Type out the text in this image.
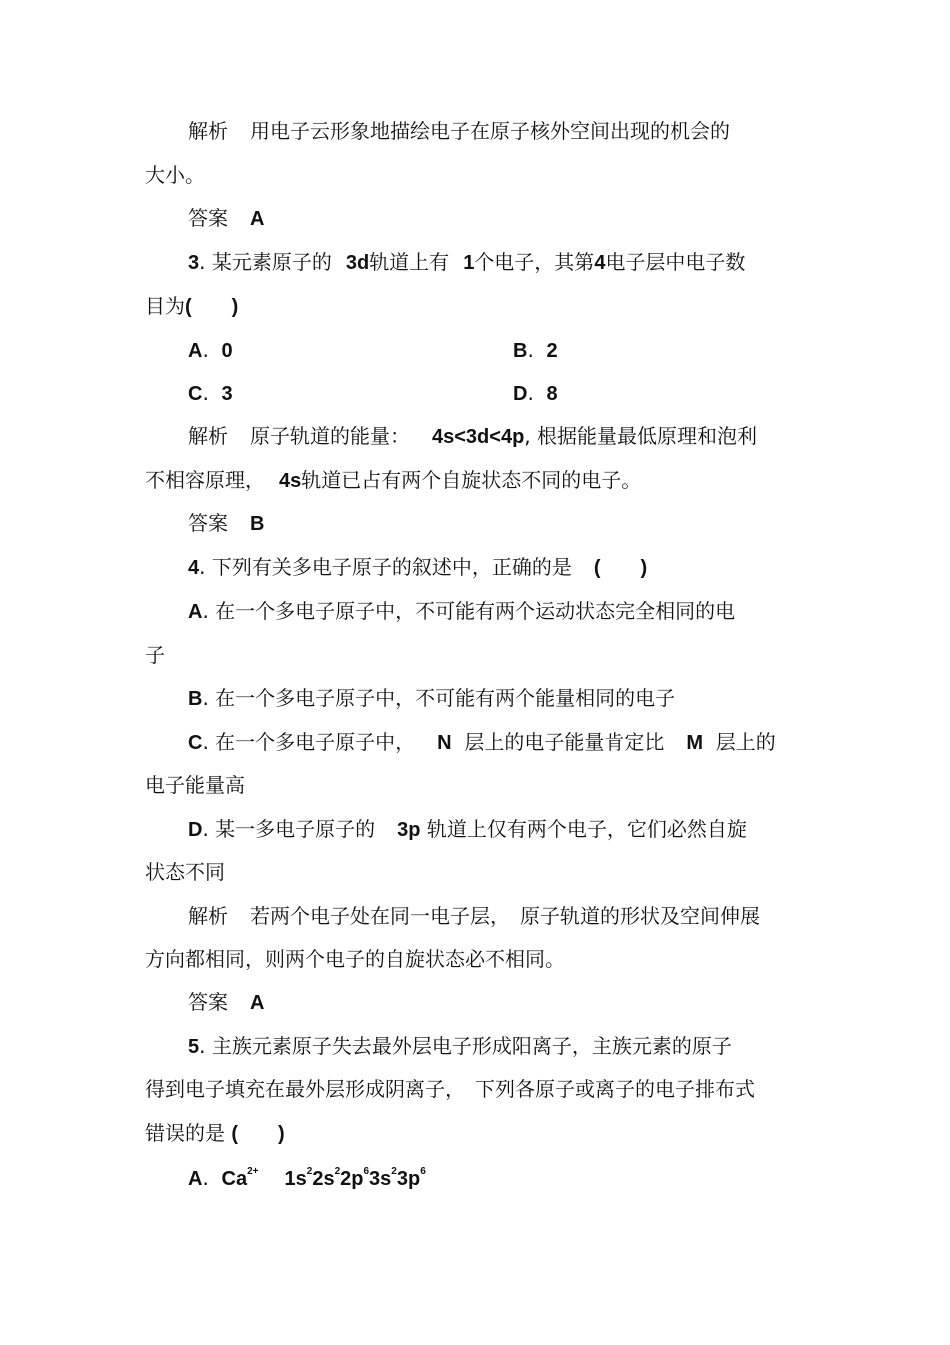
解析 用电子云形象地描绘电子在原子核外空间出现的机会的
大小。
答案 A
3. 某元素原子的 3d轨道上有 1个电子，其第4电子层中电子数
目为(　　)
A. 0	B. 2
C. 3	D. 8
解析 原子轨道的能量： 4s<3d<4p, 根据能量最低原理和泡利
不相容原理， 4s轨道已占有两个自旋状态不同的电子。
答案 B
4. 下列有关多电子原子的叙述中，正确的是 (　　)
A. 在一个多电子原子中，不可能有两个运动状态完全相同的电
子
B. 在一个多电子原子中，不可能有两个能量相同的电子
C. 在一个多电子原子中， N 层上的电子能量肯定比 M 层上的
电子能量高
D. 某一多电子原子的 3p 轨道上仅有两个电子，它们必然自旋
状态不同
解析 若两个电子处在同一电子层，　原子轨道的形状及空间伸展
方向都相同，则两个电子的自旋状态必不相同。
答案 A
5. 主族元素原子失去最外层电子形成阳离子，主族元素的原子
得到电子填充在最外层形成阴离子，　下列各原子或离子的电子排布式
错误的是 (　　)
A. $Ca^{2+}$ $1s^22s^22p^63s^23p^6$
